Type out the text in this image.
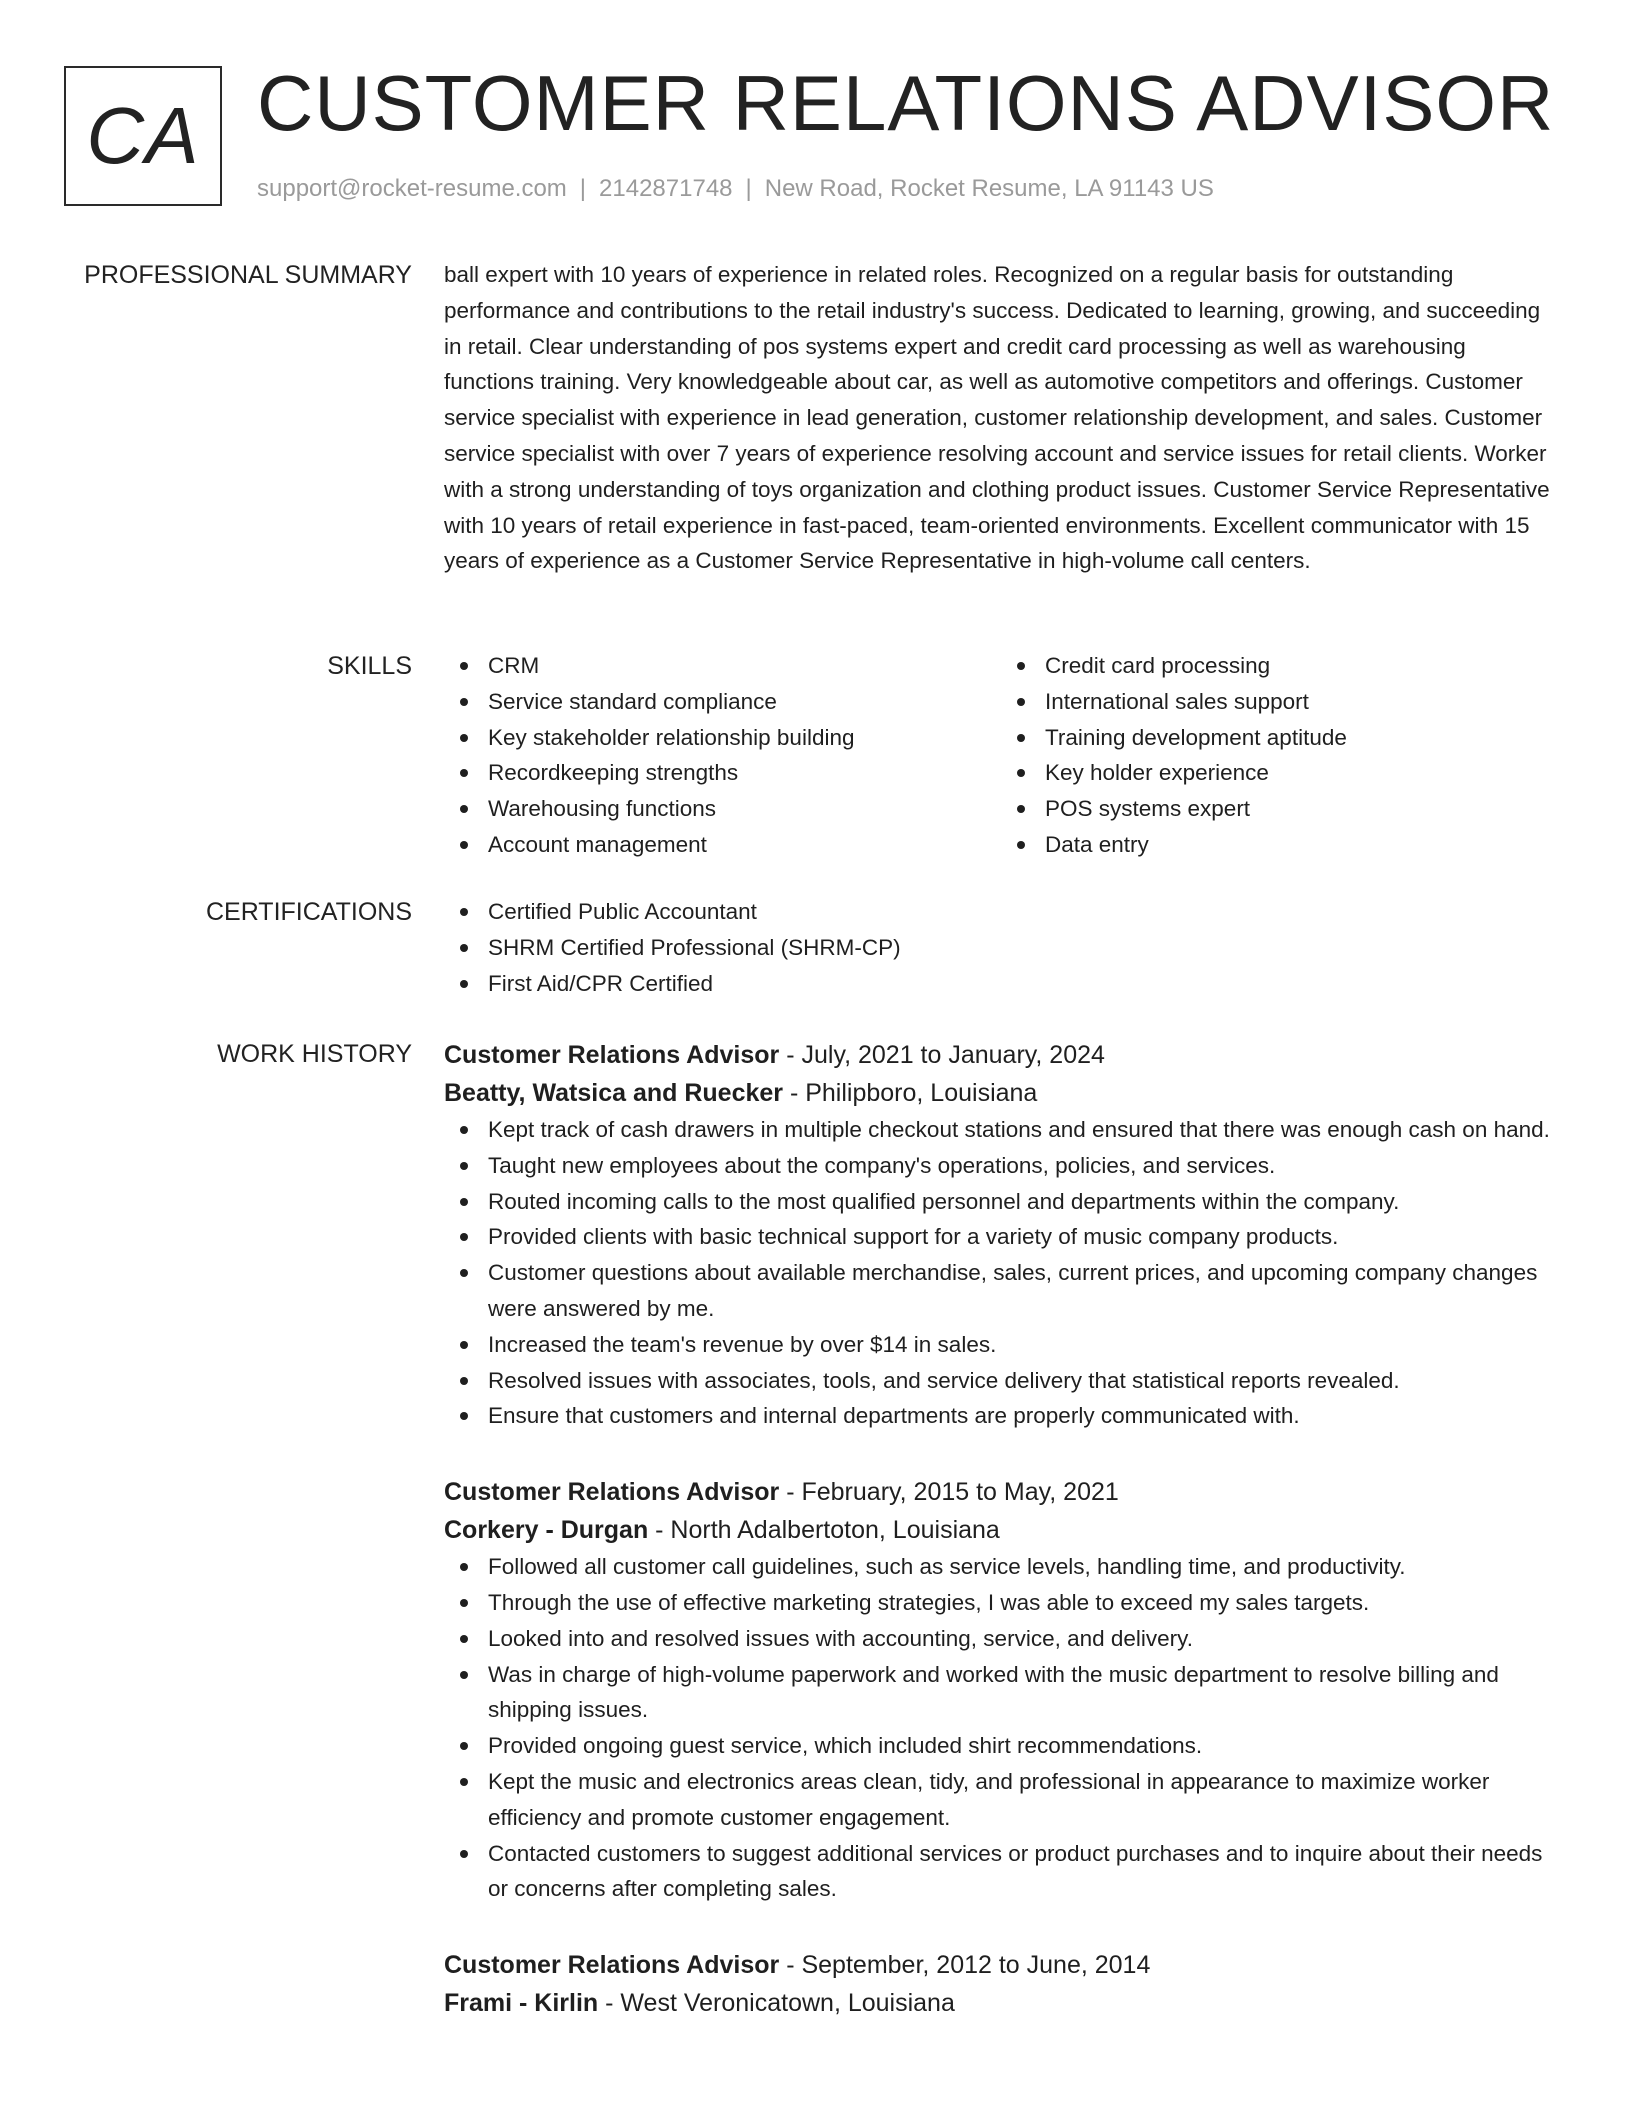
CA CUSTOMER RELATIONS ADVISOR
support@rocket-resume.com | 2142871748 | New Road, Rocket Resume, LA 91143 US
PROFESSIONAL SUMMARY ball expert with 10 years of experience in related roles. Recognized on a regular basis for outstanding performance and contributions to the retail industry's success. Dedicated to learning, growing, and succeeding in retail. Clear understanding of pos systems expert and credit card processing as well as warehousing functions training. Very knowledgeable about car, as well as automotive competitors and offerings. Customer service specialist with experience in lead generation, customer relationship development, and sales. Customer service specialist with over 7 years of experience resolving account and service issues for retail clients. Worker with a strong understanding of toys organization and clothing product issues. Customer Service Representative with 10 years of retail experience in fast-paced, team-oriented environments. Excellent communicator with 15 years of experience as a Customer Service Representative in high-volume call centers.

SKILLS	CRM
Service standard compliance
Key stakeholder relationship building
Recordkeeping strengths
Warehousing functions
Account management
Credit card processing
International sales support
Training development aptitude
Key holder experience
POS systems expert
Data entry
CERTIFICATIONS	Certified Public Accountant
SHRM Certified Professional (SHRM-CP)
First Aid/CPR Certified
WORK HISTORY Customer Relations Advisor - July, 2021 to January, 2024
Beatty, Watsica and Ruecker - Philipboro, Louisiana
Kept track of cash drawers in multiple checkout stations and ensured that there was enough cash on hand.
Taught new employees about the company's operations, policies, and services.
Routed incoming calls to the most qualified personnel and departments within the company.
Provided clients with basic technical support for a variety of music company products.
Customer questions about available merchandise, sales, current prices, and upcoming company changes were answered by me.
Increased the team's revenue by over $14 in sales.
Resolved issues with associates, tools, and service delivery that statistical reports revealed.
Ensure that customers and internal departments are properly communicated with.
Customer Relations Advisor - February, 2015 to May, 2021
Corkery - Durgan - North Adalbertoton, Louisiana
Followed all customer call guidelines, such as service levels, handling time, and productivity.
Through the use of effective marketing strategies, I was able to exceed my sales targets.
Looked into and resolved issues with accounting, service, and delivery.
Was in charge of high-volume paperwork and worked with the music department to resolve billing and shipping issues.
Provided ongoing guest service, which included shirt recommendations.
Kept the music and electronics areas clean, tidy, and professional in appearance to maximize worker efficiency and promote customer engagement.
Contacted customers to suggest additional services or product purchases and to inquire about their needs or concerns after completing sales.
Customer Relations Advisor - September, 2012 to June, 2014
Frami - Kirlin - West Veronicatown, Louisiana
